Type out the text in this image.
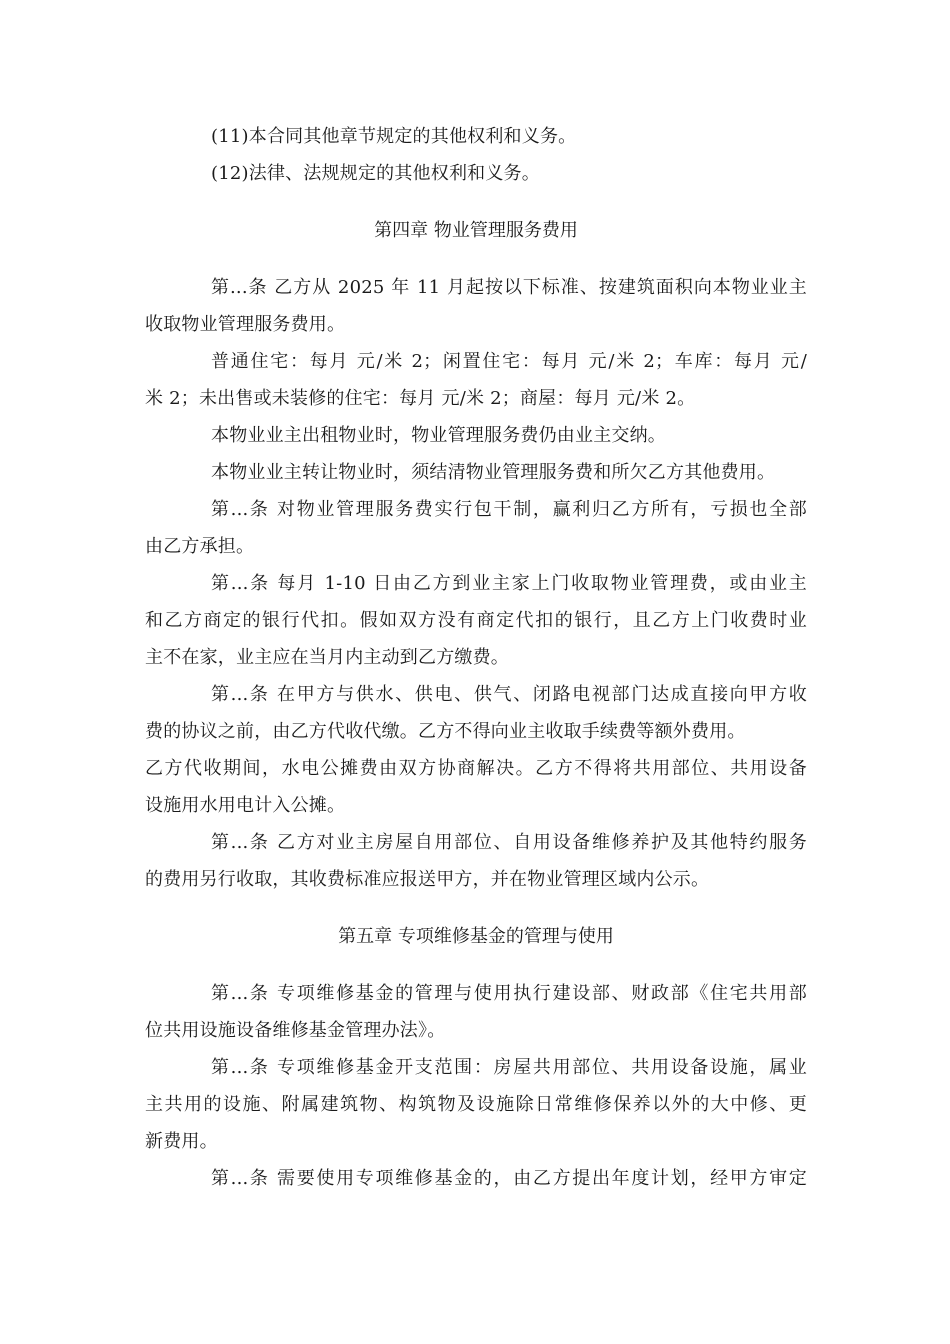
(11)本合同其他章节规定的其他权利和义务。
(12)法律、法规规定的其他权利和义务。
第四章 物业管理服务费用
第...条 乙方从 2025 年 11 月起按以下标准、按建筑面积向本物业业主
收取物业管理服务费用。
普通住宅：每月 元/米 2；闲置住宅：每月 元/米 2；车库：每月 元/
米 2；未出售或未装修的住宅：每月 元/米 2；商屋：每月 元/米 2。
本物业业主出租物业时，物业管理服务费仍由业主交纳。
本物业业主转让物业时，须结清物业管理服务费和所欠乙方其他费用。
第...条 对物业管理服务费实行包干制，赢利归乙方所有，亏损也全部
由乙方承担。
第...条 每月 1-10 日由乙方到业主家上门收取物业管理费，或由业主
和乙方商定的银行代扣。假如双方没有商定代扣的银行，且乙方上门收费时业
主不在家，业主应在当月内主动到乙方缴费。
第...条 在甲方与供水、供电、供气、闭路电视部门达成直接向甲方收
费的协议之前，由乙方代收代缴。乙方不得向业主收取手续费等额外费用。
乙方代收期间，水电公摊费由双方协商解决。乙方不得将共用部位、共用设备
设施用水用电计入公摊。
第...条 乙方对业主房屋自用部位、自用设备维修养护及其他特约服务
的费用另行收取，其收费标准应报送甲方，并在物业管理区域内公示。
第五章 专项维修基金的管理与使用
第...条 专项维修基金的管理与使用执行建设部、财政部《住宅共用部
位共用设施设备维修基金管理办法》。
第...条 专项维修基金开支范围：房屋共用部位、共用设备设施，属业
主共用的设施、附属建筑物、构筑物及设施除日常维修保养以外的大中修、更
新费用。
第...条 需要使用专项维修基金的，由乙方提出年度计划，经甲方审定
